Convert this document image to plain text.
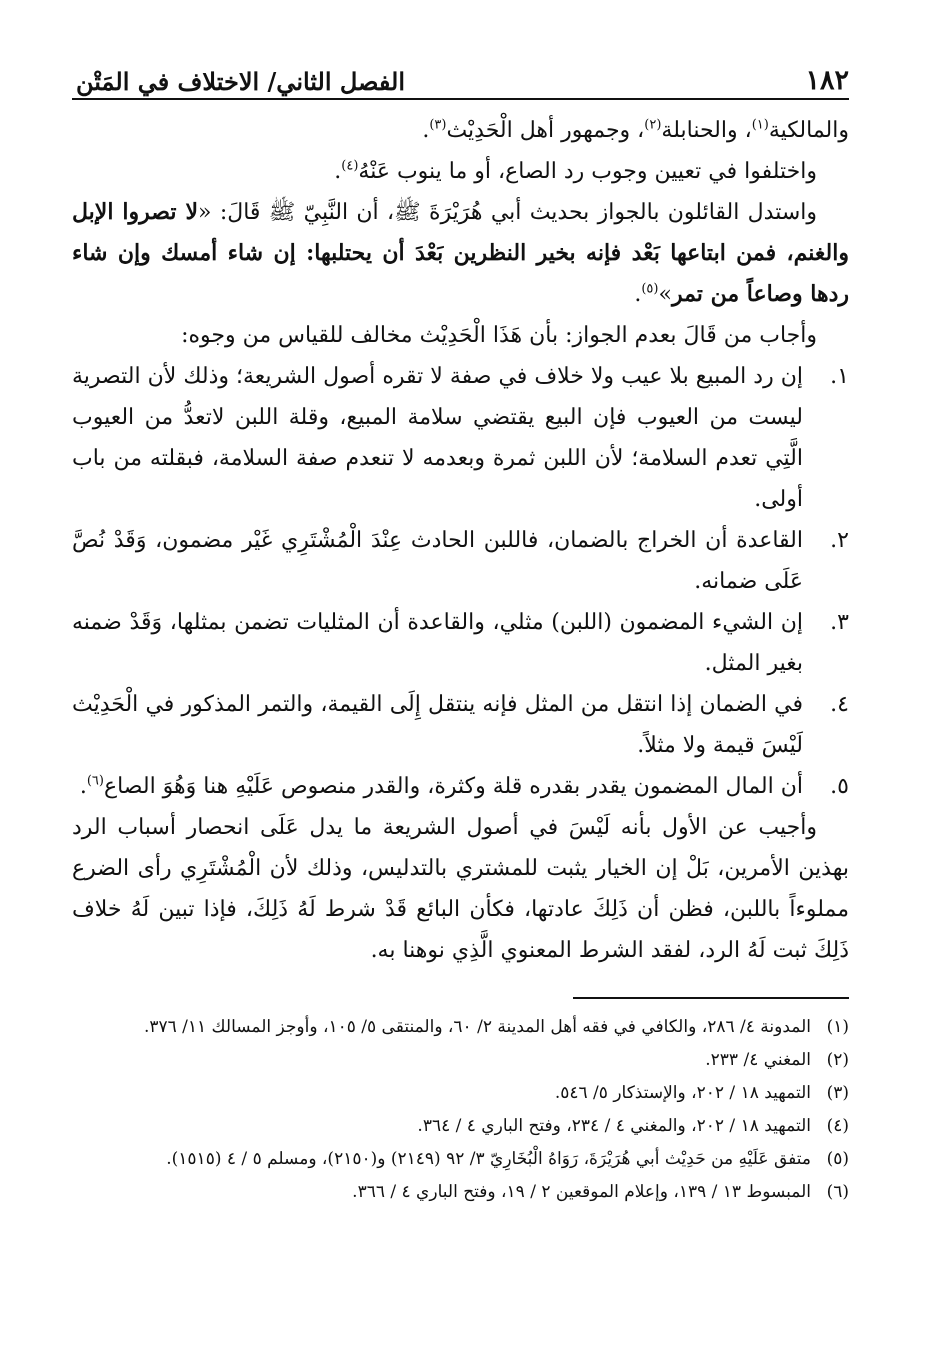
١٨٢
الفصل الثاني/ الاختلاف في المَتْن

والمالكية$^{(١)}$، والحنابلة$^{(٢)}$، وجمهور أهل الْحَدِيْث$^{(٣)}$.

واختلفوا في تعيين وجوب رد الصاع، أو ما ينوب عَنْهُ$^{(٤)}$.

واستدل القائلون بالجواز بحديث أبي هُرَيْرَةَ ﷺ، أن النَّبِيّ ﷺ قَالَ: «لا تصروا الإبل والغنم، فمن ابتاعها بَعْد فإنه بخير النظرين بَعْدَ أن يحتلبها: إن شاء أمسك وإن شاء ردها وصاعاً من تمر»$^{(٥)}$.

وأجاب من قَالَ بعدم الجواز: بأن هَذَا الْحَدِيْث مخالف للقياس من وجوه:

١.
إن رد المبيع بلا عيب ولا خلاف في صفة لا تقره أصول الشريعة؛ وذلك لأن التصرية ليست من العيوب فإن البيع يقتضي سلامة المبيع، وقلة اللبن لاتعدُّ من العيوب الَّتِي تعدم السلامة؛ لأن اللبن ثمرة وبعدمه لا تنعدم صفة السلامة، فبقلته من باب أولى.
٢.
القاعدة أن الخراج بالضمان، فاللبن الحادث عِنْدَ الْمُشْتَرِي غَيْر مضمون، وَقَدْ نُصَّ عَلَى ضمانه.
٣.
إن الشيء المضمون (اللبن) مثلي، والقاعدة أن المثليات تضمن بمثلها، وَقَدْ ضمنه بغير المثل.
٤.
في الضمان إذا انتقل من المثل فإنه ينتقل إِلَى القيمة، والتمر المذكور في الْحَدِيْث لَيْسَ قيمة ولا مثلاً.
٥.
أن المال المضمون يقدر بقدره قلة وكثرة، والقدر منصوص عَلَيْهِ هنا وَهُوَ الصاع$^{(٦)}$.

وأجيب عن الأول بأنه لَيْسَ في أصول الشريعة ما يدل عَلَى انحصار أسباب الرد بهذين الأمرين، بَلْ إن الخيار يثبت للمشتري بالتدليس، وذلك لأن الْمُشْتَرِي رأى الضرع مملوءاً باللبن، فظن أن ذَلِكَ عادتها، فكأن البائع قَدْ شرط لَهُ ذَلِكَ، فإذا تبين لَهُ خلاف ذَلِكَ ثبت لَهُ الرد، لفقد الشرط المعنوي الَّذِي نوهنا به.

(١)
المدونة ٤/ ٢٨٦، والكافي في فقه أهل المدينة ٢/ ٦٠، والمنتقى ٥/ ١٠٥، وأوجز المسالك ١١/ ٣٧٦.
(٢)
المغني ٤/ ٢٣٣.
(٣)
التمهيد ١٨ / ٢٠٢، والإستذكار ٥/ ٥٤٦.
(٤)
التمهيد ١٨ / ٢٠٢، والمغني ٤ / ٢٣٤، وفتح الباري ٤ / ٣٦٤.
(٥)
متفق عَلَيْهِ من حَدِيْث أبي هُرَيْرَةَ، رَوَاهُ الْبُخَارِيّ ٣/ ٩٢ (٢١٤٩) و(٢١٥٠)، ومسلم ٥ / ٤ (١٥١٥).
(٦)
المبسوط ١٣ / ١٣٩، وإعلام الموقعين ٢ / ١٩، وفتح الباري ٤ / ٣٦٦.
